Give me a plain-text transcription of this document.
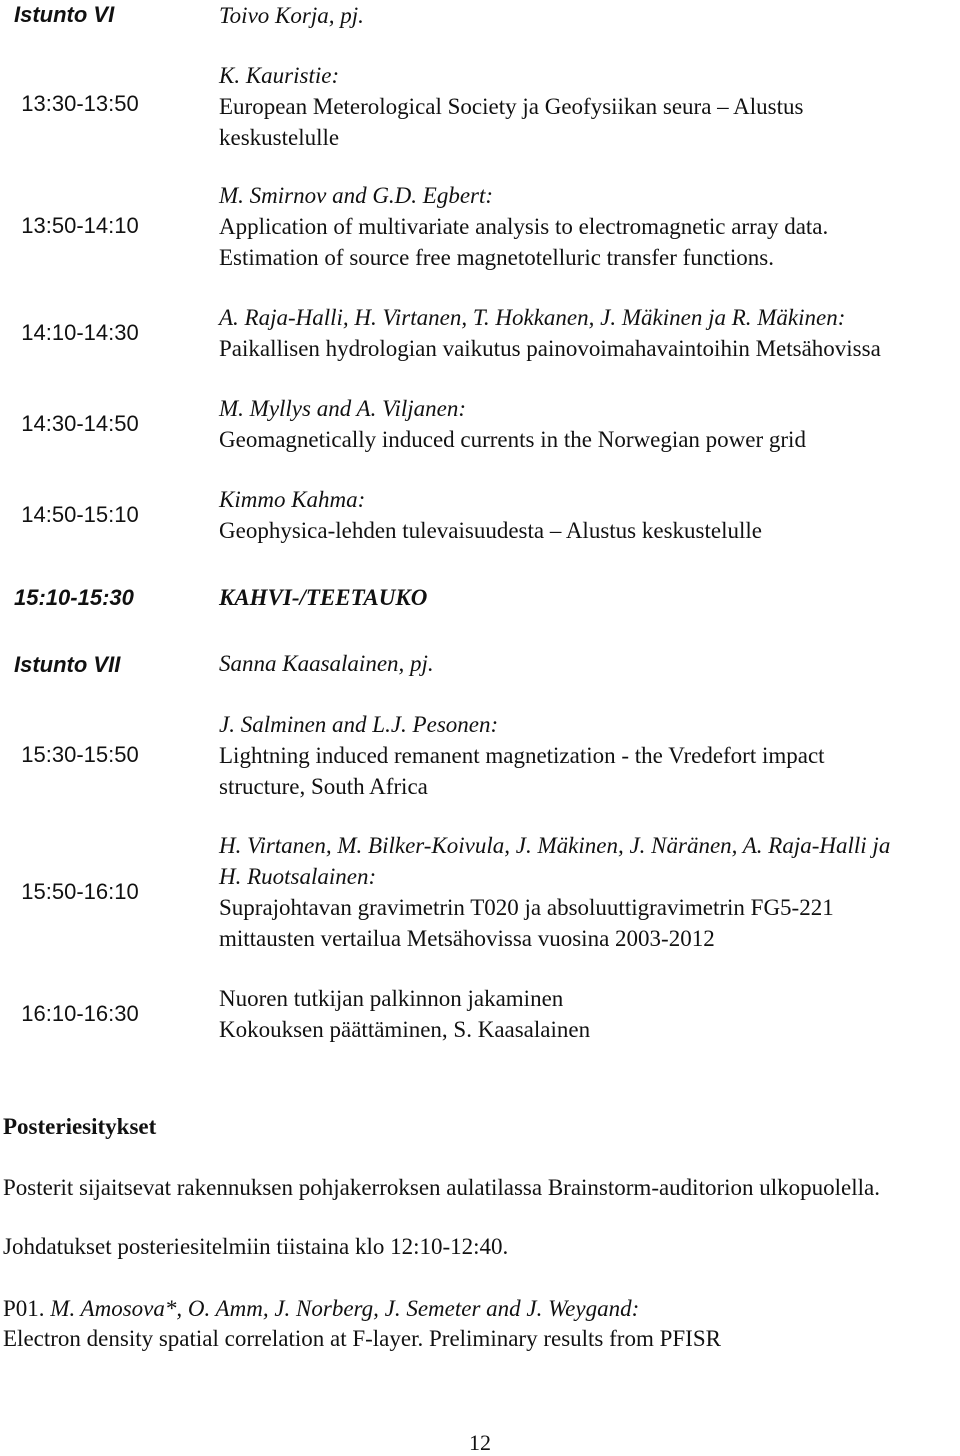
Istunto VI
13:30-13:50
13:50-14:10
14:10-14:30
14:30-14:50
14:50-15:10
15:10-15:30
Istunto VII
15:30-15:50
15:50-16:10
16:10-16:30
Toivo Korja, pj.
K. Kauristie:
European Meterological Society ja Geofysiikan seura – Alustus
keskustelulle
M. Smirnov and G.D. Egbert:
Application of multivariate analysis to electromagnetic array data.
Estimation of source free magnetotelluric transfer functions.
A. Raja-Halli, H. Virtanen, T. Hokkanen, J. Mäkinen ja R. Mäkinen:
Paikallisen hydrologian vaikutus painovoimahavaintoihin Metsähovissa
M. Myllys and A. Viljanen:
Geomagnetically induced currents in the Norwegian power grid
Kimmo Kahma:
Geophysica-lehden tulevaisuudesta – Alustus keskustelulle
KAHVI-/TEETAUKO
Sanna Kaasalainen, pj.
J. Salminen and L.J. Pesonen:
Lightning induced remanent magnetization - the Vredefort impact
structure, South Africa
H. Virtanen, M. Bilker-Koivula, J. Mäkinen, J. Näränen, A. Raja-Halli ja
H. Ruotsalainen:
Suprajohtavan gravimetrin T020 ja absoluuttigravimetrin FG5-221
mittausten vertailua Metsähovissa vuosina 2003-2012
Nuoren tutkijan palkinnon jakaminen
Kokouksen päättäminen, S. Kaasalainen
Posteriesitykset
Posterit sijaitsevat rakennuksen pohjakerroksen aulatilassa Brainstorm-auditorion ulkopuolella.
Johdatukset posteriesitelmiin tiistaina klo 12:10-12:40.
P01. M. Amosova*, O. Amm, J. Norberg, J. Semeter and J. Weygand:
Electron density spatial correlation at F-layer. Preliminary results from PFISR
12
